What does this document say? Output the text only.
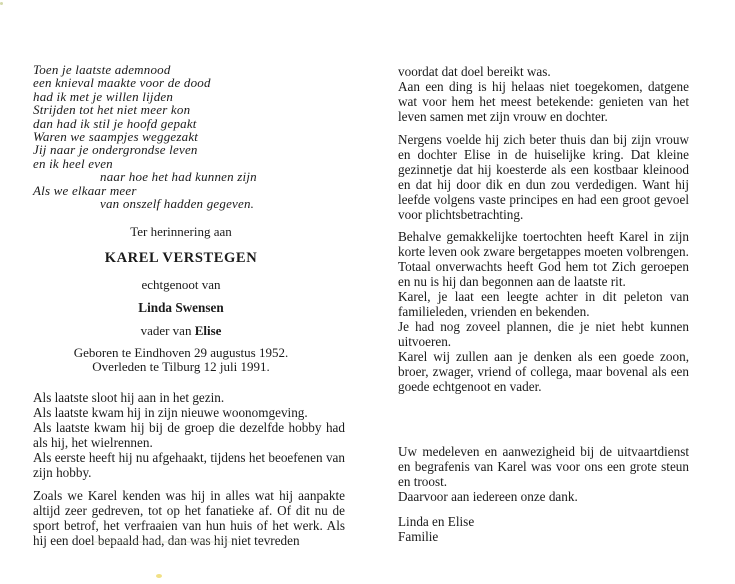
Toen je laatste ademnood
een knieval maakte voor de dood
had ik met je willen lijden
Strijden tot het niet meer kon
dan had ik stil je hoofd gepakt
Waren we saampjes weggezakt
Jij naar je ondergrondse leven
en ik heel even
naar hoe het had kunnen zijn
Als we elkaar meer
van onszelf hadden gegeven.
Ter herinnering aan
KAREL VERSTEGEN
echtgenoot van
Linda Swensen
vader van Elise
Geboren te Eindhoven 29 augustus 1952.
Overleden te Tilburg 12 juli 1991.

Als laatste sloot hij aan in het gezin.

Als laatste kwam hij in zijn nieuwe woonomgeving.

Als laatste kwam hij bij de groep die dezelfde hobby had als hij, het wielrennen.

Als eerste heeft hij nu afgehaakt, tijdens het beoefenen van zijn hobby.

Zoals we Karel kenden was hij in alles wat hij aanpakte altijd zeer gedreven, tot op het fanatieke af. Of dit nu de sport betrof, het verfraaien van hun huis of het werk. Als hij een doel bepaald had, dan was hij niet tevreden

voordat dat doel bereikt was.

Aan een ding is hij helaas niet toegekomen, datgene wat voor hem het meest betekende: genieten van het leven samen met zijn vrouw en dochter.

Nergens voelde hij zich beter thuis dan bij zijn vrouw en dochter Elise in de huiselijke kring. Dat kleine gezinnetje dat hij koesterde als een kostbaar kleinood en dat hij door dik en dun zou verdedigen. Want hij leefde volgens vaste principes en had een groot gevoel voor plichtsbetrachting.

Behalve gemakkelijke toertochten heeft Karel in zijn korte leven ook zware bergetappes moeten volbrengen.

Totaal onverwachts heeft God hem tot Zich geroepen en nu is hij dan begonnen aan de laatste rit.

Karel, je laat een leegte achter in dit peleton van familieleden, vrienden en bekenden.

Je had nog zoveel plannen, die je niet hebt kunnen uitvoeren.

Karel wij zullen aan je denken als een goede zoon, broer, zwager, vriend of collega, maar bovenal als een goede echtgenoot en vader.

Uw medeleven en aanwezigheid bij de uitvaartdienst en begrafenis van Karel was voor ons een grote steun en troost.

Daarvoor aan iedereen onze dank.

Linda en Elise
Familie
